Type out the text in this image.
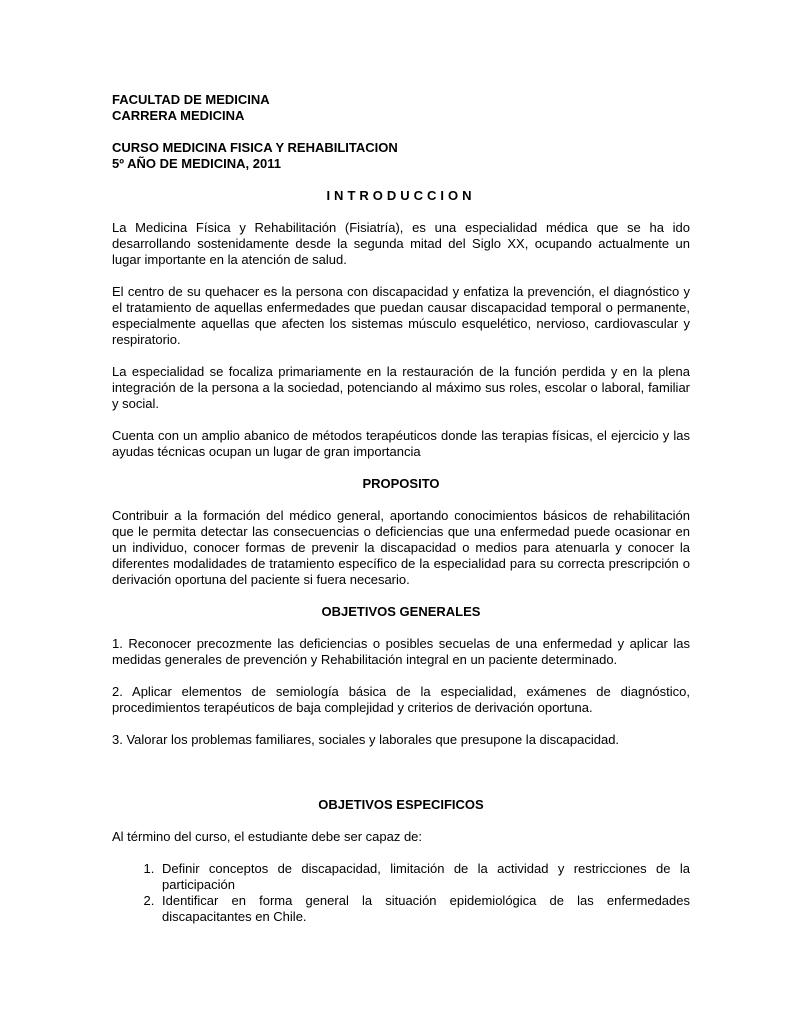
FACULTAD DE MEDICINA
CARRERA MEDICINA
CURSO MEDICINA FISICA Y REHABILITACION
5º AÑO DE MEDICINA, 2011
INTRODUCCION

La Medicina Física y Rehabilitación (Fisiatría), es una especialidad médica que se ha ido desarrollando sostenidamente desde la segunda mitad del Siglo XX, ocupando actualmente un lugar importante en la atención de salud.

El centro de su quehacer es la persona con discapacidad y enfatiza la prevención, el diagnóstico y el tratamiento de aquellas enfermedades que puedan causar discapacidad temporal o permanente, especialmente aquellas que afecten los sistemas músculo esquelético, nervioso, cardiovascular y respiratorio.

La especialidad se focaliza primariamente en la restauración de la función perdida y en la plena integración de la persona a la sociedad, potenciando al máximo sus roles, escolar o laboral, familiar y social.

Cuenta con un amplio abanico de métodos terapéuticos donde las terapias físicas, el ejercicio y las ayudas técnicas ocupan un lugar de gran importancia

PROPOSITO

Contribuir a la formación del médico general, aportando conocimientos básicos de rehabilitación que le permita detectar las consecuencias o deficiencias que una enfermedad puede ocasionar en un individuo, conocer formas de prevenir la discapacidad o medios para atenuarla y conocer la diferentes modalidades de tratamiento específico de la especialidad para su correcta prescripción o derivación oportuna del paciente si fuera necesario.

OBJETIVOS GENERALES

1. Reconocer precozmente las deficiencias o posibles secuelas de una enfermedad y aplicar las medidas generales de prevención y Rehabilitación integral en un paciente determinado.

2. Aplicar elementos de semiología básica de la especialidad, exámenes de diagnóstico, procedimientos terapéuticos de baja complejidad y criterios de derivación oportuna.

3. Valorar los problemas familiares, sociales y laborales que presupone la discapacidad.

OBJETIVOS ESPECIFICOS

Al término del curso, el estudiante debe ser capaz de:

1. Definir conceptos de discapacidad, limitación de la actividad y restricciones de la participación
2. Identificar en forma general la situación epidemiológica de las enfermedades discapacitantes en Chile.
